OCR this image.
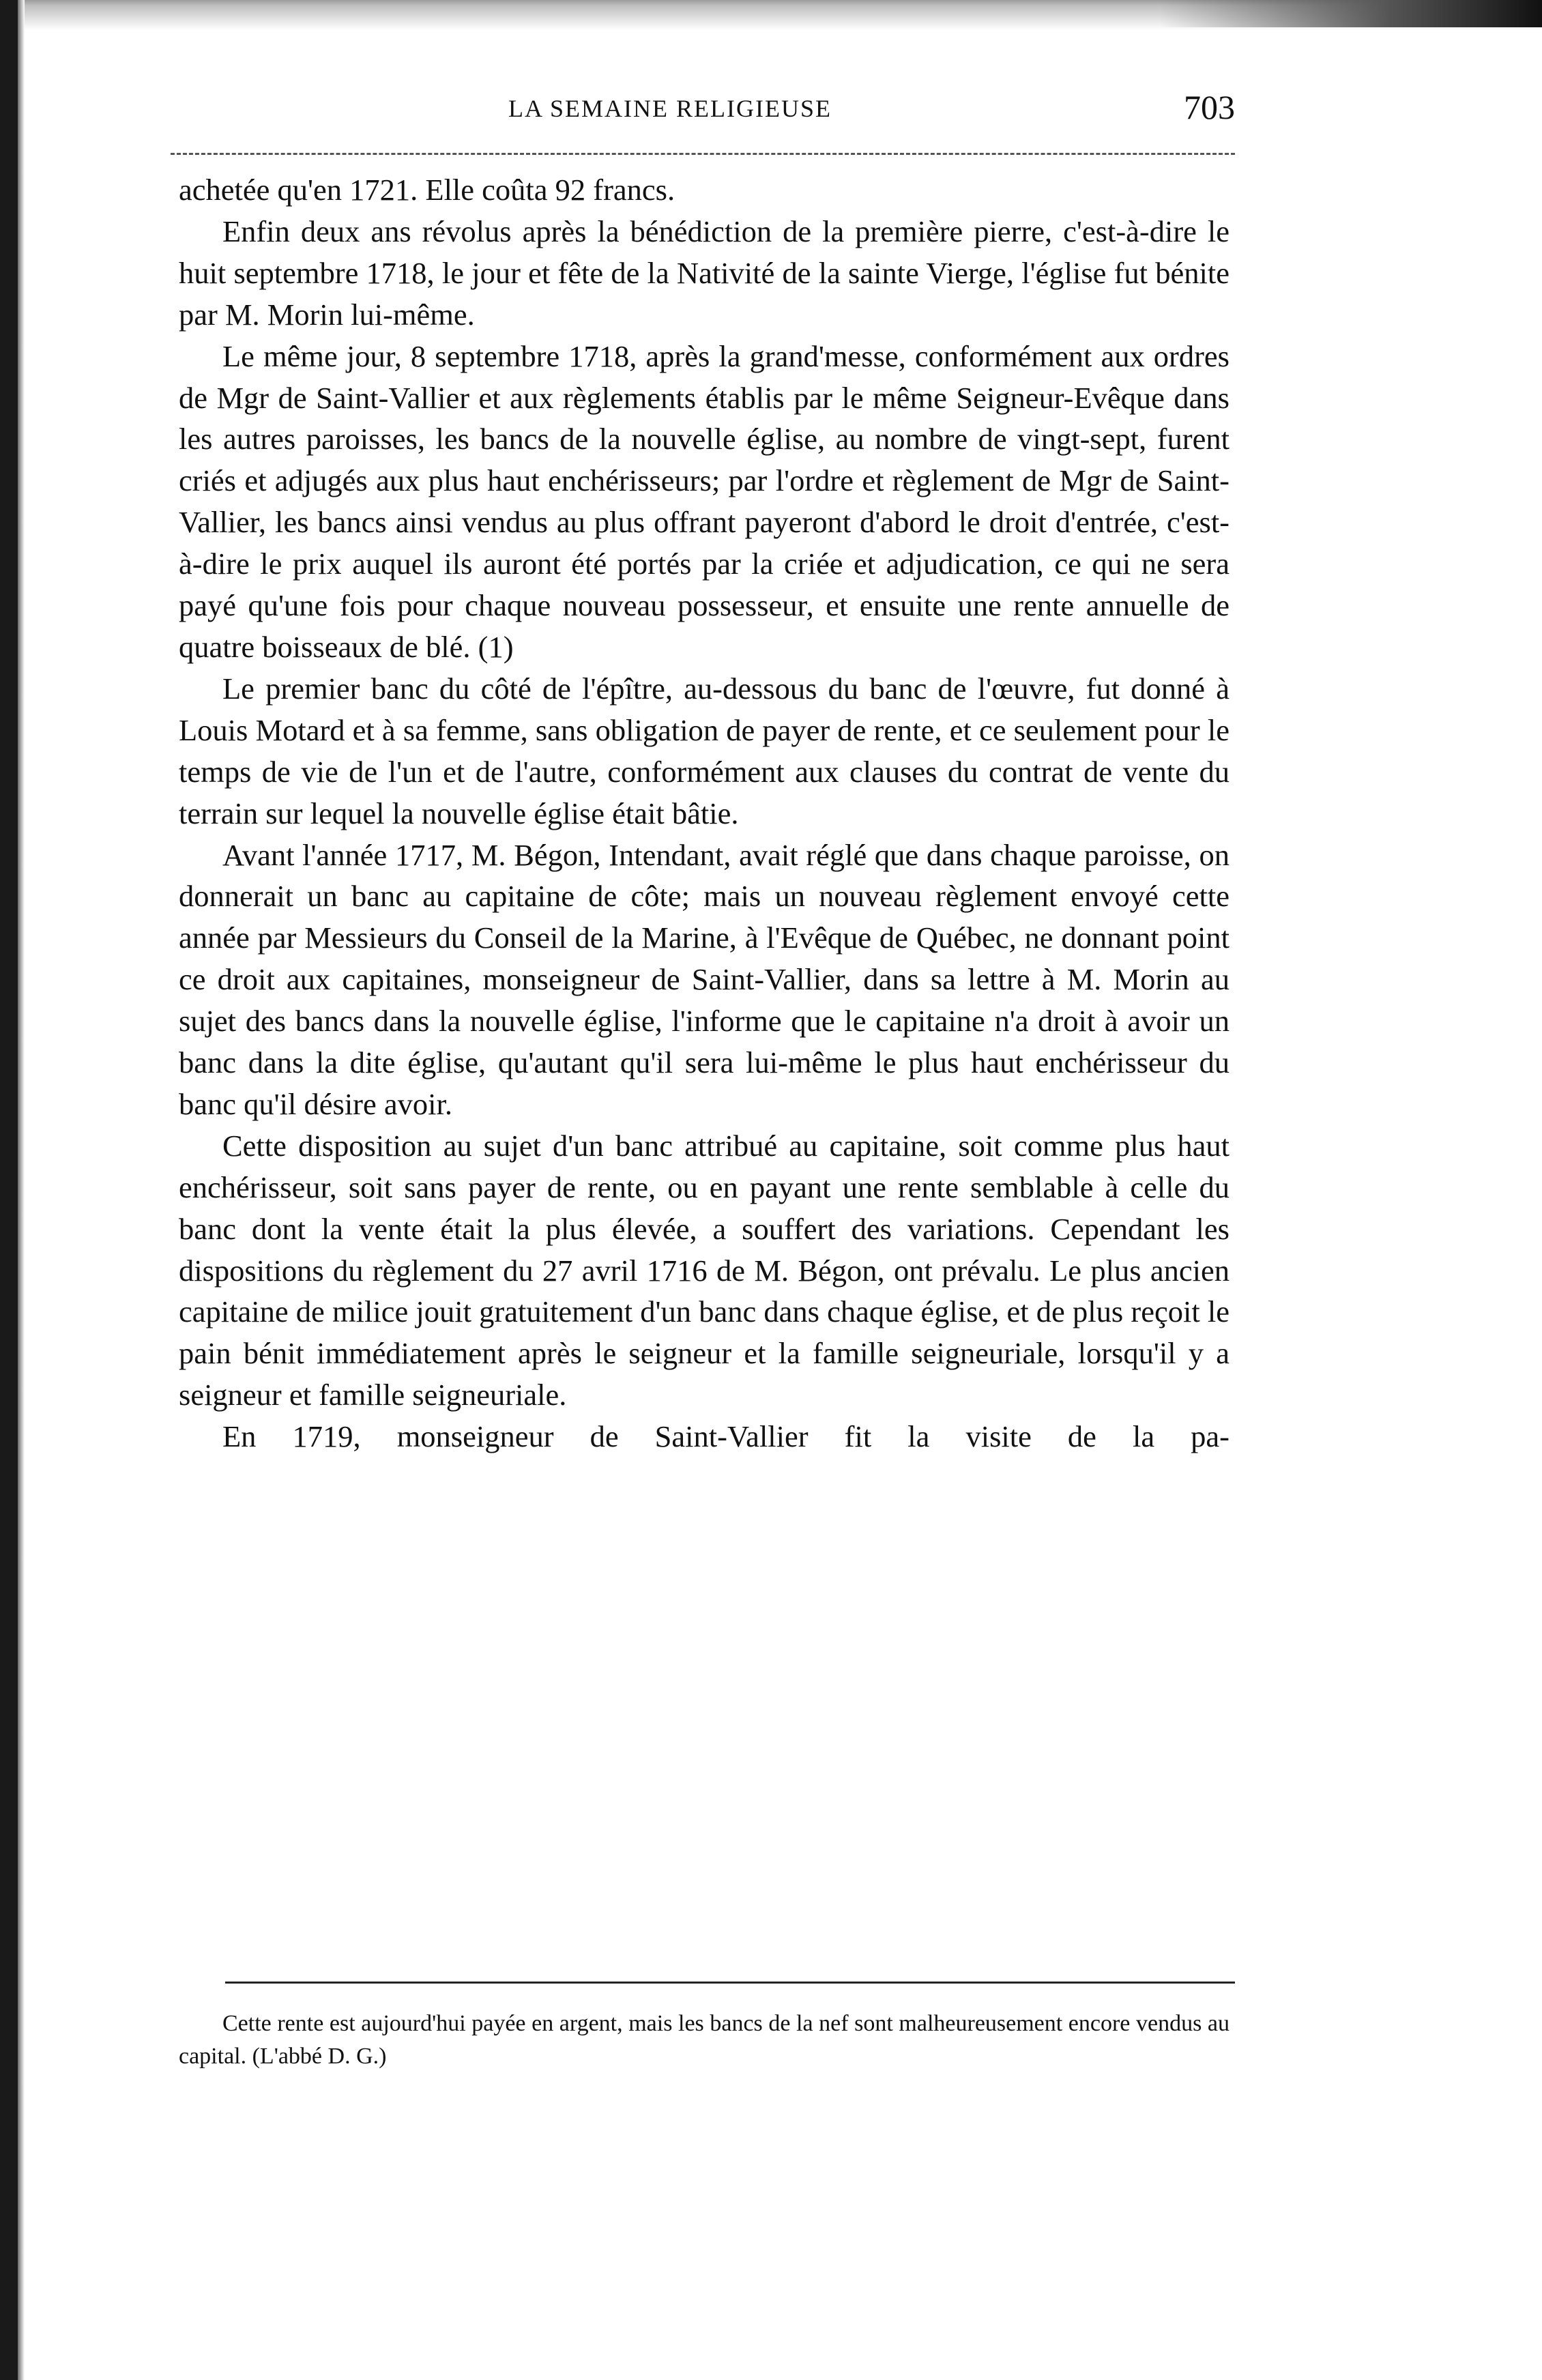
LA SEMAINE RELIGIEUSE	703

achetée qu'en 1721. Elle coûta 92 francs.

Enfin deux ans révolus après la bénédiction de la première pierre, c'est-à-dire le huit septembre 1718, le jour et fête de la Nativité de la sainte Vierge, l'église fut bénite par M. Morin lui-même.

Le même jour, 8 septembre 1718, après la grand'messe, conformément aux ordres de Mgr de Saint-Vallier et aux règlements établis par le même Seigneur-Evêque dans les autres paroisses, les bancs de la nouvelle église, au nombre de vingt-sept, furent criés et adjugés aux plus haut enchérisseurs; par l'ordre et règlement de Mgr de Saint-Vallier, les bancs ainsi vendus au plus offrant payeront d'abord le droit d'entrée, c'est-à-dire le prix auquel ils auront été portés par la criée et adjudication, ce qui ne sera payé qu'une fois pour chaque nouveau possesseur, et ensuite une rente annuelle de quatre boisseaux de blé. (1)

Le premier banc du côté de l'épître, au-dessous du banc de l'œuvre, fut donné à Louis Motard et à sa femme, sans obligation de payer de rente, et ce seulement pour le temps de vie de l'un et de l'autre, conformément aux clauses du contrat de vente du terrain sur lequel la nouvelle église était bâtie.

Avant l'année 1717, M. Bégon, Intendant, avait réglé que dans chaque paroisse, on donnerait un banc au capitaine de côte; mais un nouveau règlement envoyé cette année par Messieurs du Conseil de la Marine, à l'Evêque de Québec, ne donnant point ce droit aux capitaines, monseigneur de Saint-Vallier, dans sa lettre à M. Morin au sujet des bancs dans la nouvelle église, l'informe que le capitaine n'a droit à avoir un banc dans la dite église, qu'autant qu'il sera lui-même le plus haut enchérisseur du banc qu'il désire avoir.

Cette disposition au sujet d'un banc attribué au capitaine, soit comme plus haut enchérisseur, soit sans payer de rente, ou en payant une rente semblable à celle du banc dont la vente était la plus élevée, a souffert des variations. Cependant les dispositions du règlement du 27 avril 1716 de M. Bégon, ont prévalu. Le plus ancien capitaine de milice jouit gratuitement d'un banc dans chaque église, et de plus reçoit le pain bénit immédiatement après le seigneur et la famille seigneuriale, lorsqu'il y a seigneur et famille seigneuriale.

En 1719, monseigneur de Saint-Vallier fit la visite de la pa-

Cette rente est aujourd'hui payée en argent, mais les bancs de la nef sont malheureusement encore vendus au capital. (L'abbé D. G.)
